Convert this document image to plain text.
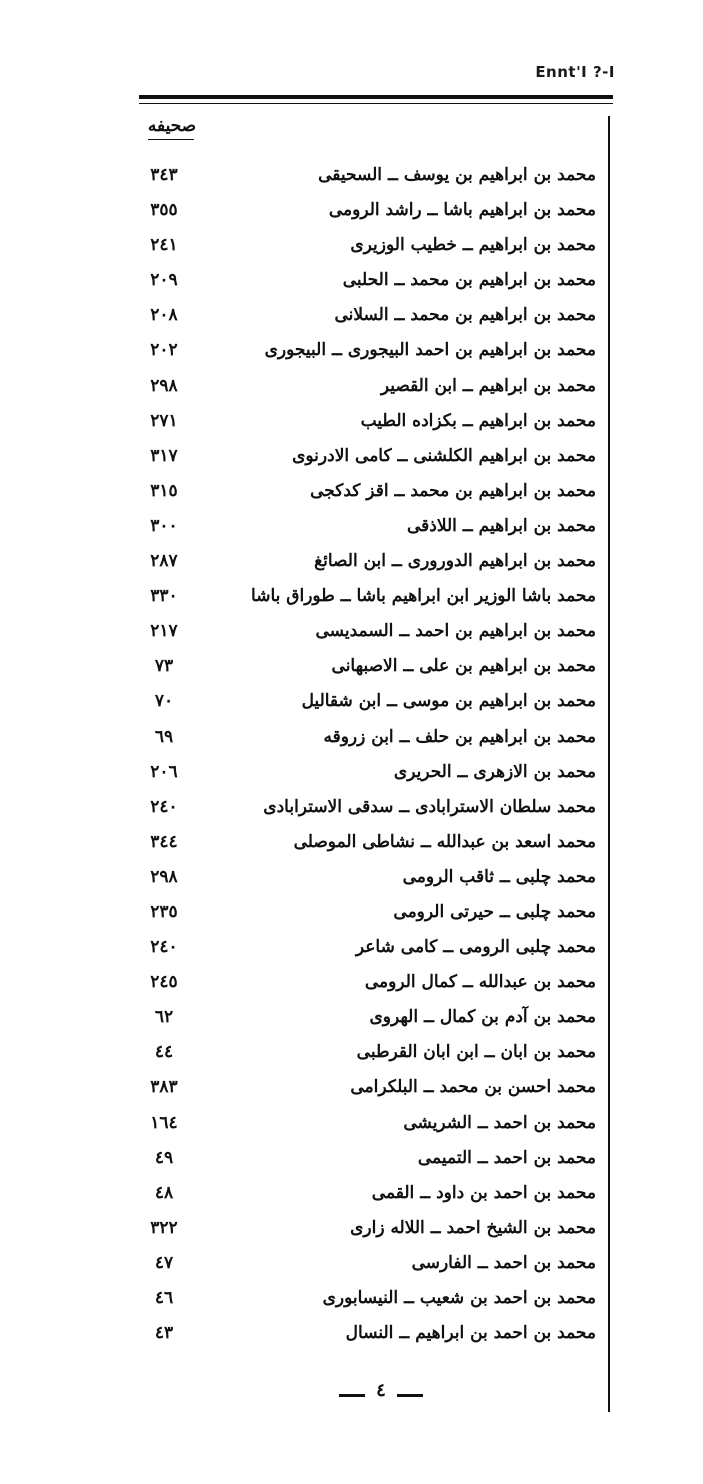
Ennt'I ?-I
صحيفه
محمد بن ابراهيم بن يوسف ــ السحيقى
٣٤٣
محمد بن ابراهيم باشا ــ راشد الرومى
٣٥٥
محمد بن ابراهيم ــ خطيب الوزيرى
٢٤١
محمد بن ابراهيم بن محمد ــ الحلبى
٢٠٩
محمد بن ابراهيم بن محمد ــ السلانى
٢٠٨
محمد بن ابراهيم بن احمد البيجورى ــ البيجورى
٢٠٢
محمد بن ابراهيم ــ ابن القصير
٢٩٨
محمد بن ابراهيم ــ بكزاده الطيب
٢٧١
محمد بن ابراهيم الكلشنى ــ كامى الادرنوى
٣١٧
محمد بن ابراهيم بن محمد ــ اقز كدكجى
٣١٥
محمد بن ابراهيم ــ اللاذقى
٣٠٠
محمد بن ابراهيم الدورورى ــ ابن الصائغ
٢٨٧
محمد باشا الوزير ابن ابراهيم باشا ــ طوراق باشا
٣٣٠
محمد بن ابراهيم بن احمد ــ السمديسى
٢١٧
محمد بن ابراهيم بن على ــ الاصبهانى
٧٣
محمد بن ابراهيم بن موسى ــ ابن شقاليل
٧٠
محمد بن ابراهيم بن حلف ــ ابن زروقه
٦٩
محمد بن الازهرى ــ الحريرى
٢٠٦
محمد سلطان الاسترابادى ــ سدقى الاسترابادى
٢٤٠
محمد اسعد بن عبدالله ــ نشاطى الموصلى
٣٤٤
محمد چلبى ــ ثاقب الرومى
٢٩٨
محمد چلبى ــ حيرتى الرومى
٢٣٥
محمد چلبى الرومى ــ كامى شاعر
٢٤٠
محمد بن عبدالله ــ كمال الرومى
٢٤٥
محمد بن آدم بن كمال ــ الهروى
٦٢
محمد بن ابان ــ ابن ابان القرطبى
٤٤
محمد احسن بن محمد ــ البلكرامى
٣٨٣
محمد بن احمد ــ الشريشى
١٦٤
محمد بن احمد ــ التميمى
٤٩
محمد بن احمد بن داود ــ القمى
٤٨
محمد بن الشيخ احمد ــ اللاله زارى
٣٢٢
محمد بن احمد ــ الفارسى
٤٧
محمد بن احمد بن شعيب ــ النيسابورى
٤٦
محمد بن احمد بن ابراهيم ــ النسال
٤٣
٤
